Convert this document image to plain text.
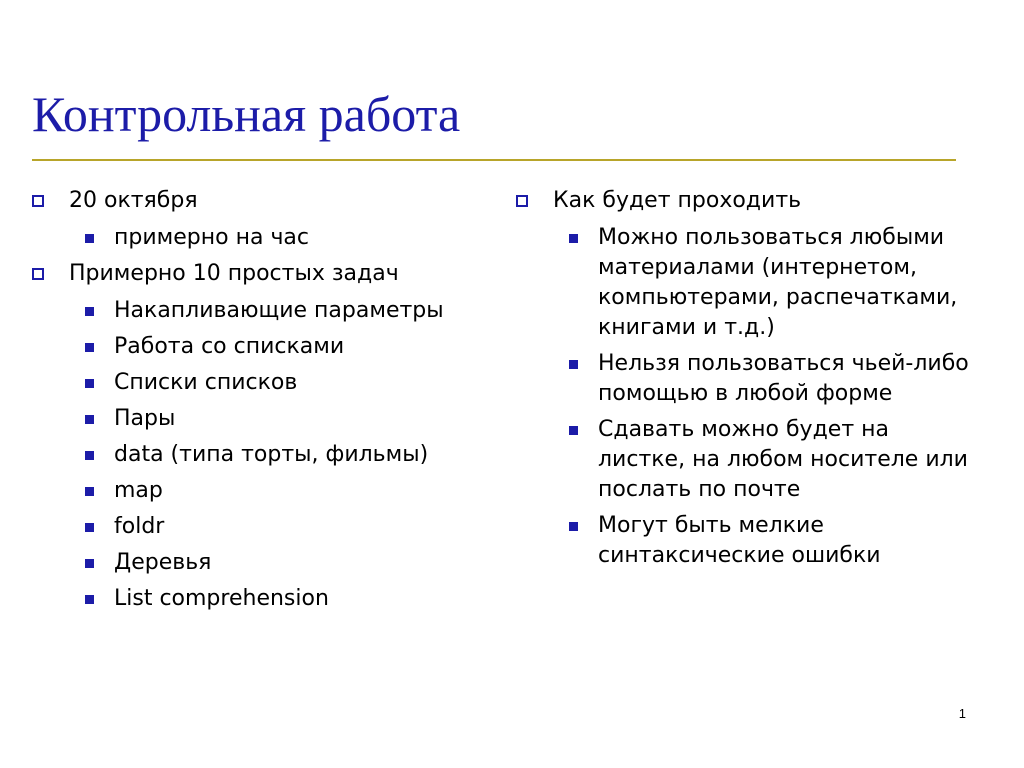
Контрольная работа
20 октября
примерно на час
Примерно 10 простых задач
Накапливающие параметры
Работа со списками
Списки списков
Пары
data (типа торты, фильмы)
map
foldr
Деревья
List comprehension
Как будет проходить
Можно пользоваться любыми материалами (интернетом, компьютерами, распечатками, книгами и т.д.)
Нельзя пользоваться чьей-либо помощью в любой форме
Сдавать можно будет на листке, на любом носителе или послать по почте
Могут быть мелкие синтаксические ошибки
1
